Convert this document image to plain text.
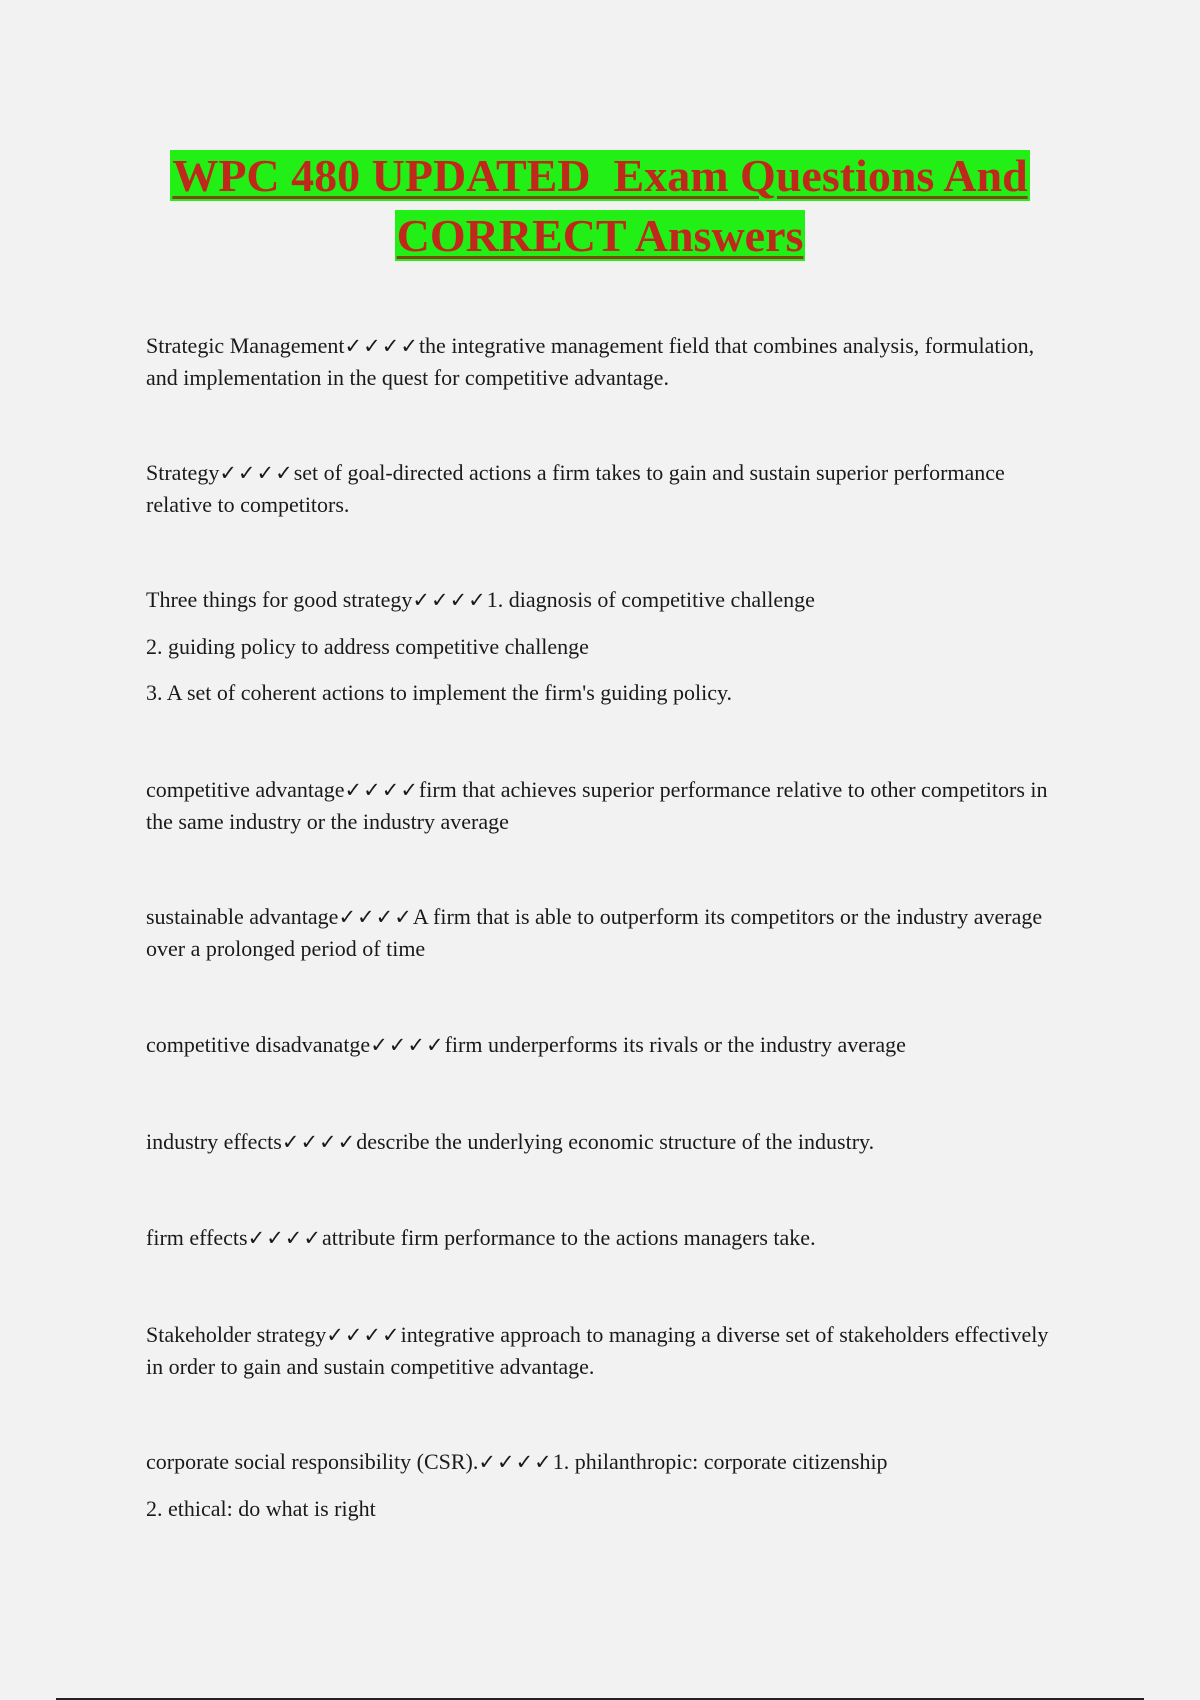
WPC 480 UPDATED  Exam Questions And
CORRECT Answers

Strategic Management✓✓✓✓the integrative management field that combines analysis, formulation, and implementation in the quest for competitive advantage.

Strategy✓✓✓✓set of goal-directed actions a firm takes to gain and sustain superior performance relative to competitors.

Three things for good strategy✓✓✓✓1. diagnosis of competitive challenge

2. guiding policy to address competitive challenge

3. A set of coherent actions to implement the firm's guiding policy.

competitive advantage✓✓✓✓firm that achieves superior performance relative to other competitors in the same industry or the industry average

sustainable advantage✓✓✓✓A firm that is able to outperform its competitors or the industry average over a prolonged period of time

competitive disadvanatge✓✓✓✓firm underperforms its rivals or the industry average

industry effects✓✓✓✓describe the underlying economic structure of the industry.

firm effects✓✓✓✓attribute firm performance to the actions managers take.

Stakeholder strategy✓✓✓✓integrative approach to managing a diverse set of stakeholders effectively in order to gain and sustain competitive advantage.

corporate social responsibility (CSR).✓✓✓✓1. philanthropic: corporate citizenship

2. ethical: do what is right
